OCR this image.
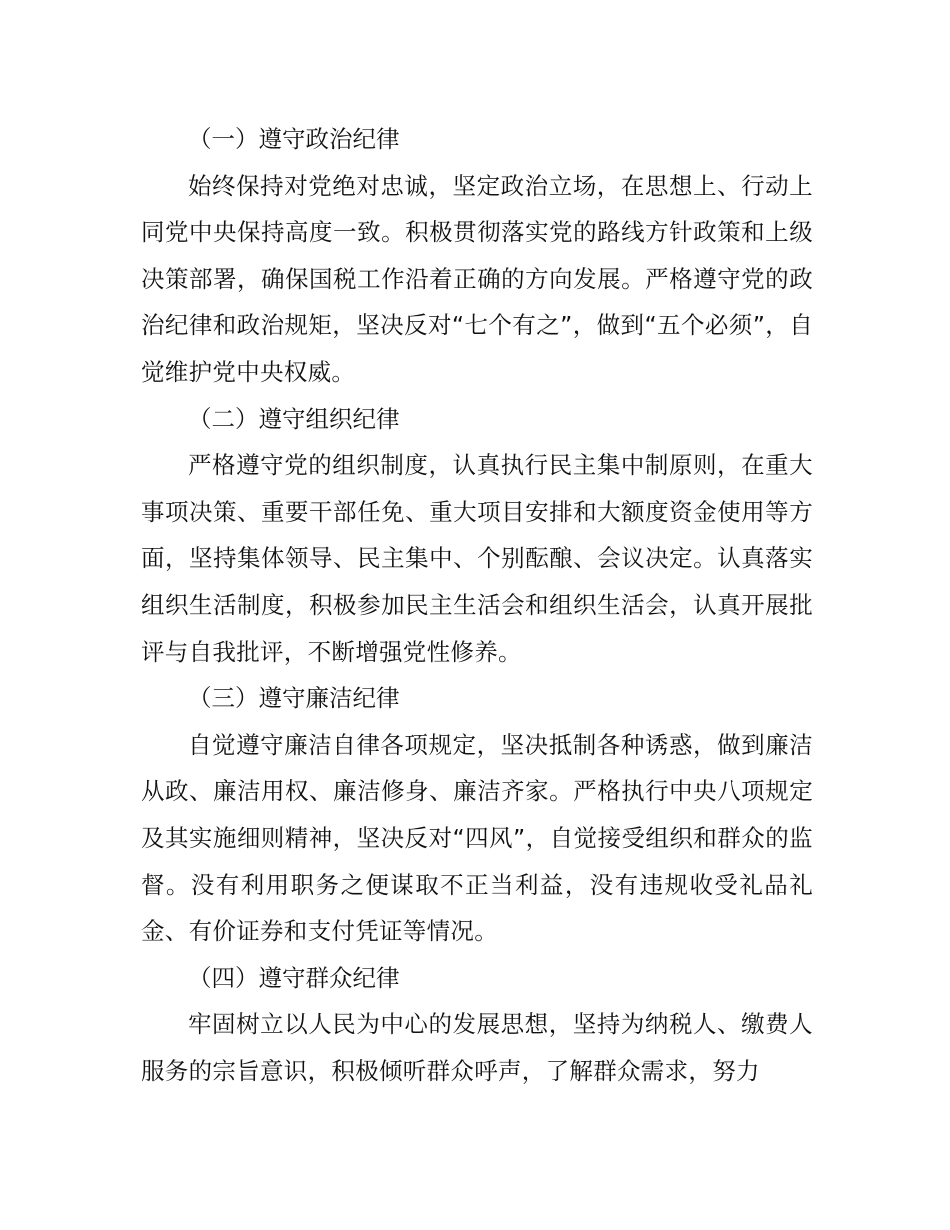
（一）遵守政治纪律

始终保持对党绝对忠诚，坚定政治立场，在思想上、行动上同党中央保持高度一致。积极贯彻落实党的路线方针政策和上级决策部署，确保国税工作沿着正确的方向发展。严格遵守党的政治纪律和政治规矩，坚决反对“七个有之”，做到“五个必须”，自觉维护党中央权威。

（二）遵守组织纪律

严格遵守党的组织制度，认真执行民主集中制原则，在重大事项决策、重要干部任免、重大项目安排和大额度资金使用等方面，坚持集体领导、民主集中、个别酝酿、会议决定。认真落实组织生活制度，积极参加民主生活会和组织生活会，认真开展批评与自我批评，不断增强党性修养。

（三）遵守廉洁纪律

自觉遵守廉洁自律各项规定，坚决抵制各种诱惑，做到廉洁从政、廉洁用权、廉洁修身、廉洁齐家。严格执行中央八项规定及其实施细则精神，坚决反对“四风”，自觉接受组织和群众的监督。没有利用职务之便谋取不正当利益，没有违规收受礼品礼金、有价证券和支付凭证等情况。

（四）遵守群众纪律

牢固树立以人民为中心的发展思想，坚持为纳税人、缴费人服务的宗旨意识，积极倾听群众呼声，了解群众需求，努力
